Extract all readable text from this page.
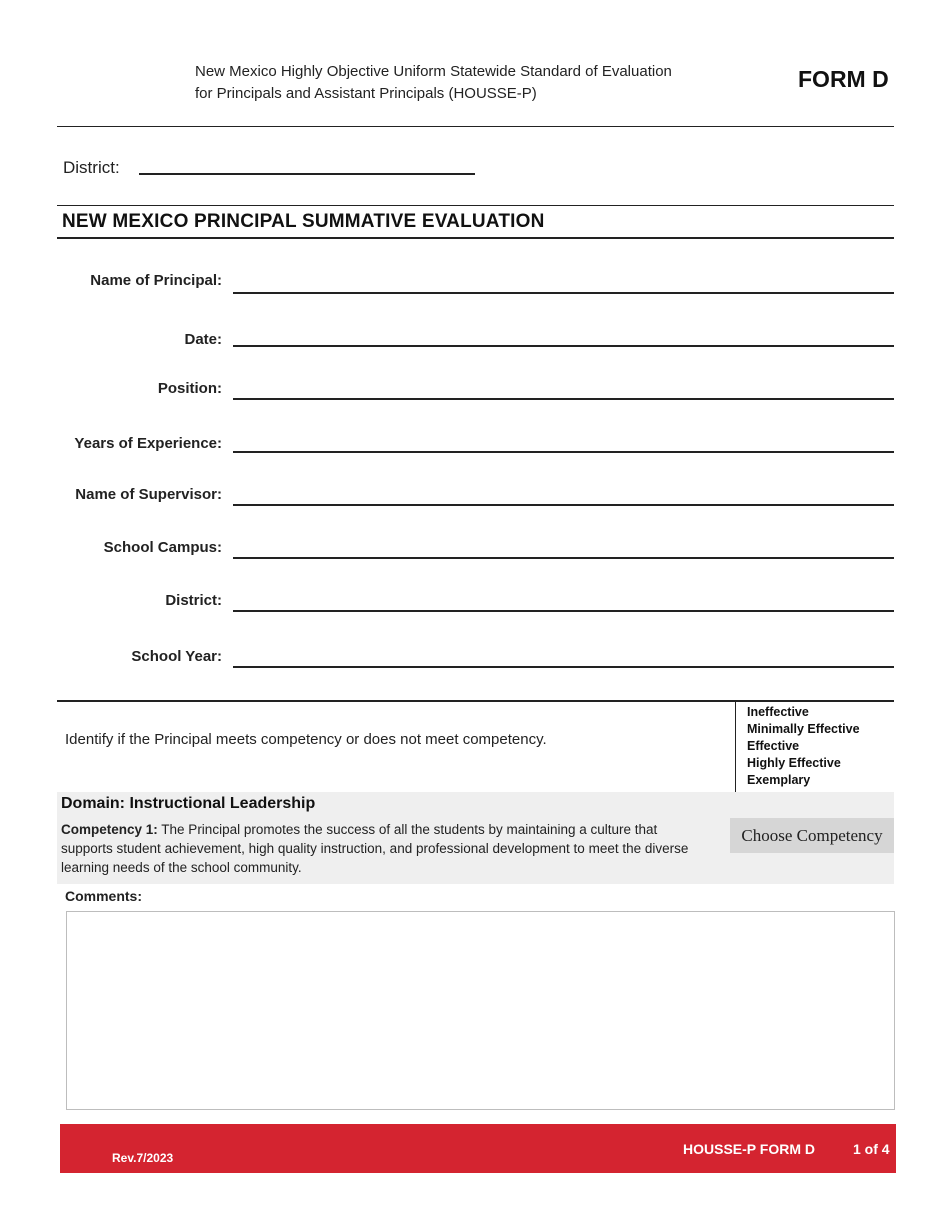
New Mexico Highly Objective Uniform Statewide Standard of Evaluation
for Principals and Assistant Principals (HOUSSE-P)
FORM D
District:
NEW MEXICO PRINCIPAL SUMMATIVE EVALUATION
Name of Principal:
Date:
Position:
Years of Experience:
Name of Supervisor:
School Campus:
District:
School Year:
Identify if the Principal meets competency or does not meet competency.
Ineffective
Minimally Effective
Effective
Highly Effective
Exemplary
Domain: Instructional Leadership
Competency 1: The Principal promotes the success of all the students by maintaining a culture that supports student achievement, high quality instruction, and professional development to meet the diverse learning needs of the school community.
Choose Competency
Comments:
Rev.7/2023
HOUSSE-P FORM D	1 of 4
